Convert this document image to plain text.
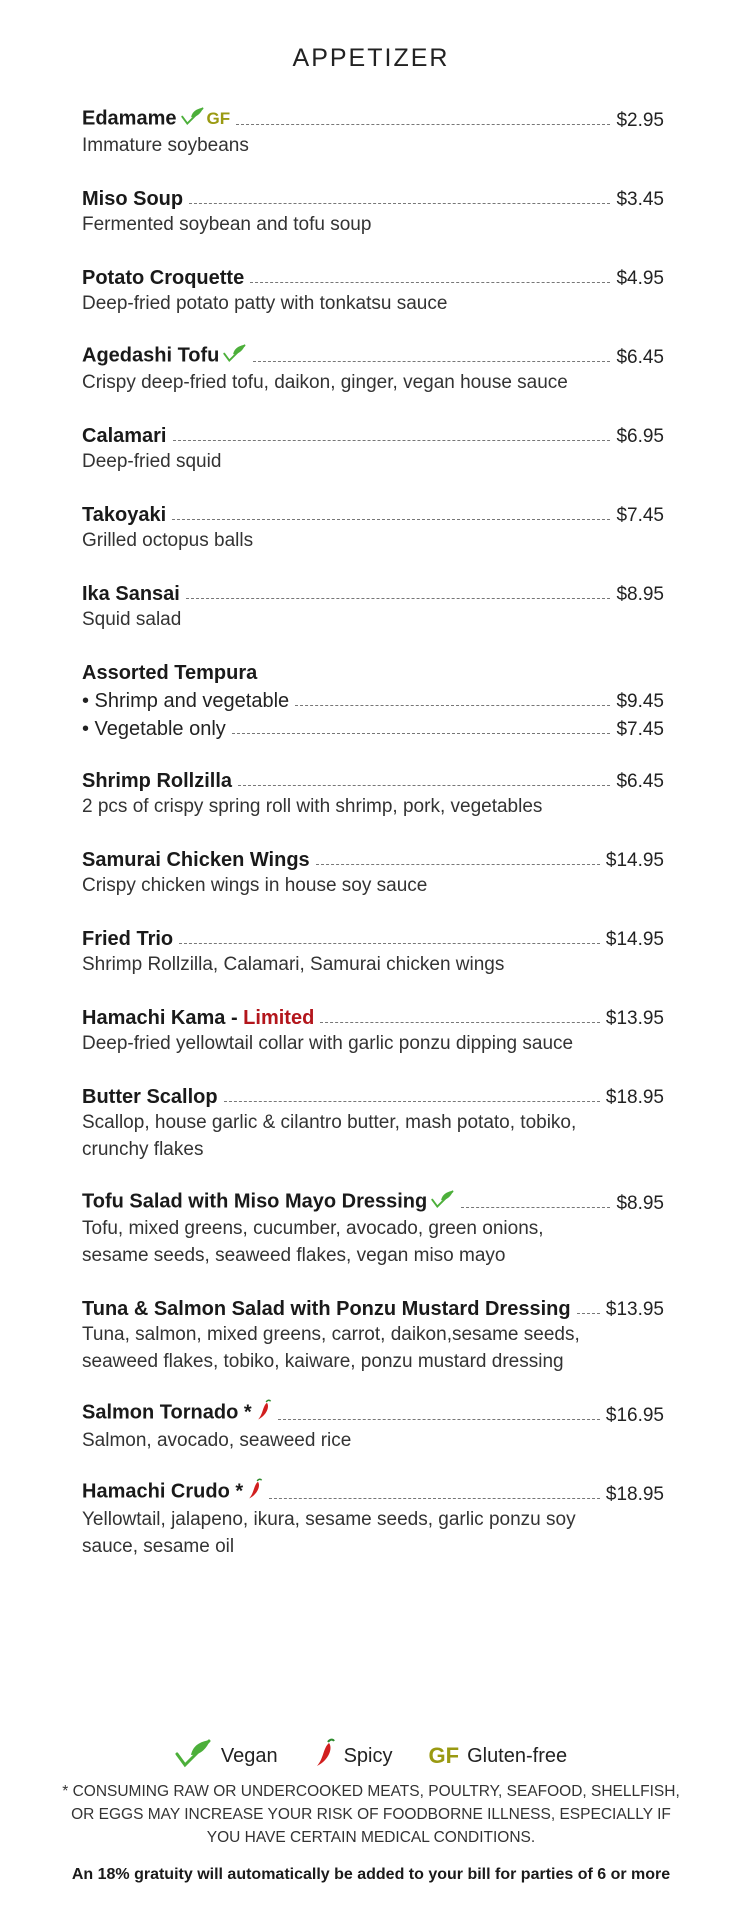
APPETIZER
Edamame GF	$2.95
Immature soybeans
Miso Soup	$3.45
Fermented soybean and tofu soup
Potato Croquette	$4.95
Deep-fried potato patty with tonkatsu sauce
Agedashi Tofu	$6.45
Crispy deep-fried tofu, daikon, ginger, vegan house sauce
Calamari	$6.95
Deep-fried squid
Takoyaki	$7.45
Grilled octopus balls
Ika Sansai	$8.95
Squid salad
Assorted Tempura
• Shrimp and vegetable	$9.45
• Vegetable only	$7.45
Shrimp Rollzilla	$6.45
2 pcs of crispy spring roll with shrimp, pork, vegetables
Samurai Chicken Wings	$14.95
Crispy chicken wings in house soy sauce
Fried Trio	$14.95
Shrimp Rollzilla, Calamari, Samurai chicken wings
Hamachi Kama - Limited	$13.95
Deep-fried yellowtail collar with garlic ponzu dipping sauce
Butter Scallop	$18.95
Scallop, house garlic & cilantro butter, mash potato, tobiko, crunchy flakes
Tofu Salad with Miso Mayo Dressing	$8.95
Tofu, mixed greens, cucumber, avocado, green onions, sesame seeds, seaweed flakes, vegan miso mayo
Tuna & Salmon Salad with Ponzu Mustard Dressing $13.95
Tuna, salmon, mixed greens, carrot, daikon,sesame seeds, seaweed flakes, tobiko, kaiware, ponzu mustard dressing
Salmon Tornado *	$16.95
Salmon, avocado, seaweed rice
Hamachi Crudo *	$18.95
Yellowtail, jalapeno, ikura, sesame seeds, garlic ponzu soy sauce, sesame oil
Vegan	Spicy GF Gluten-free
* CONSUMING RAW OR UNDERCOOKED MEATS, POULTRY, SEAFOOD, SHELLFISH, OR EGGS MAY INCREASE YOUR RISK OF FOODBORNE ILLNESS, ESPECIALLY IF YOU HAVE CERTAIN MEDICAL CONDITIONS.
An 18% gratuity will automatically be added to your bill for parties of 6 or more
